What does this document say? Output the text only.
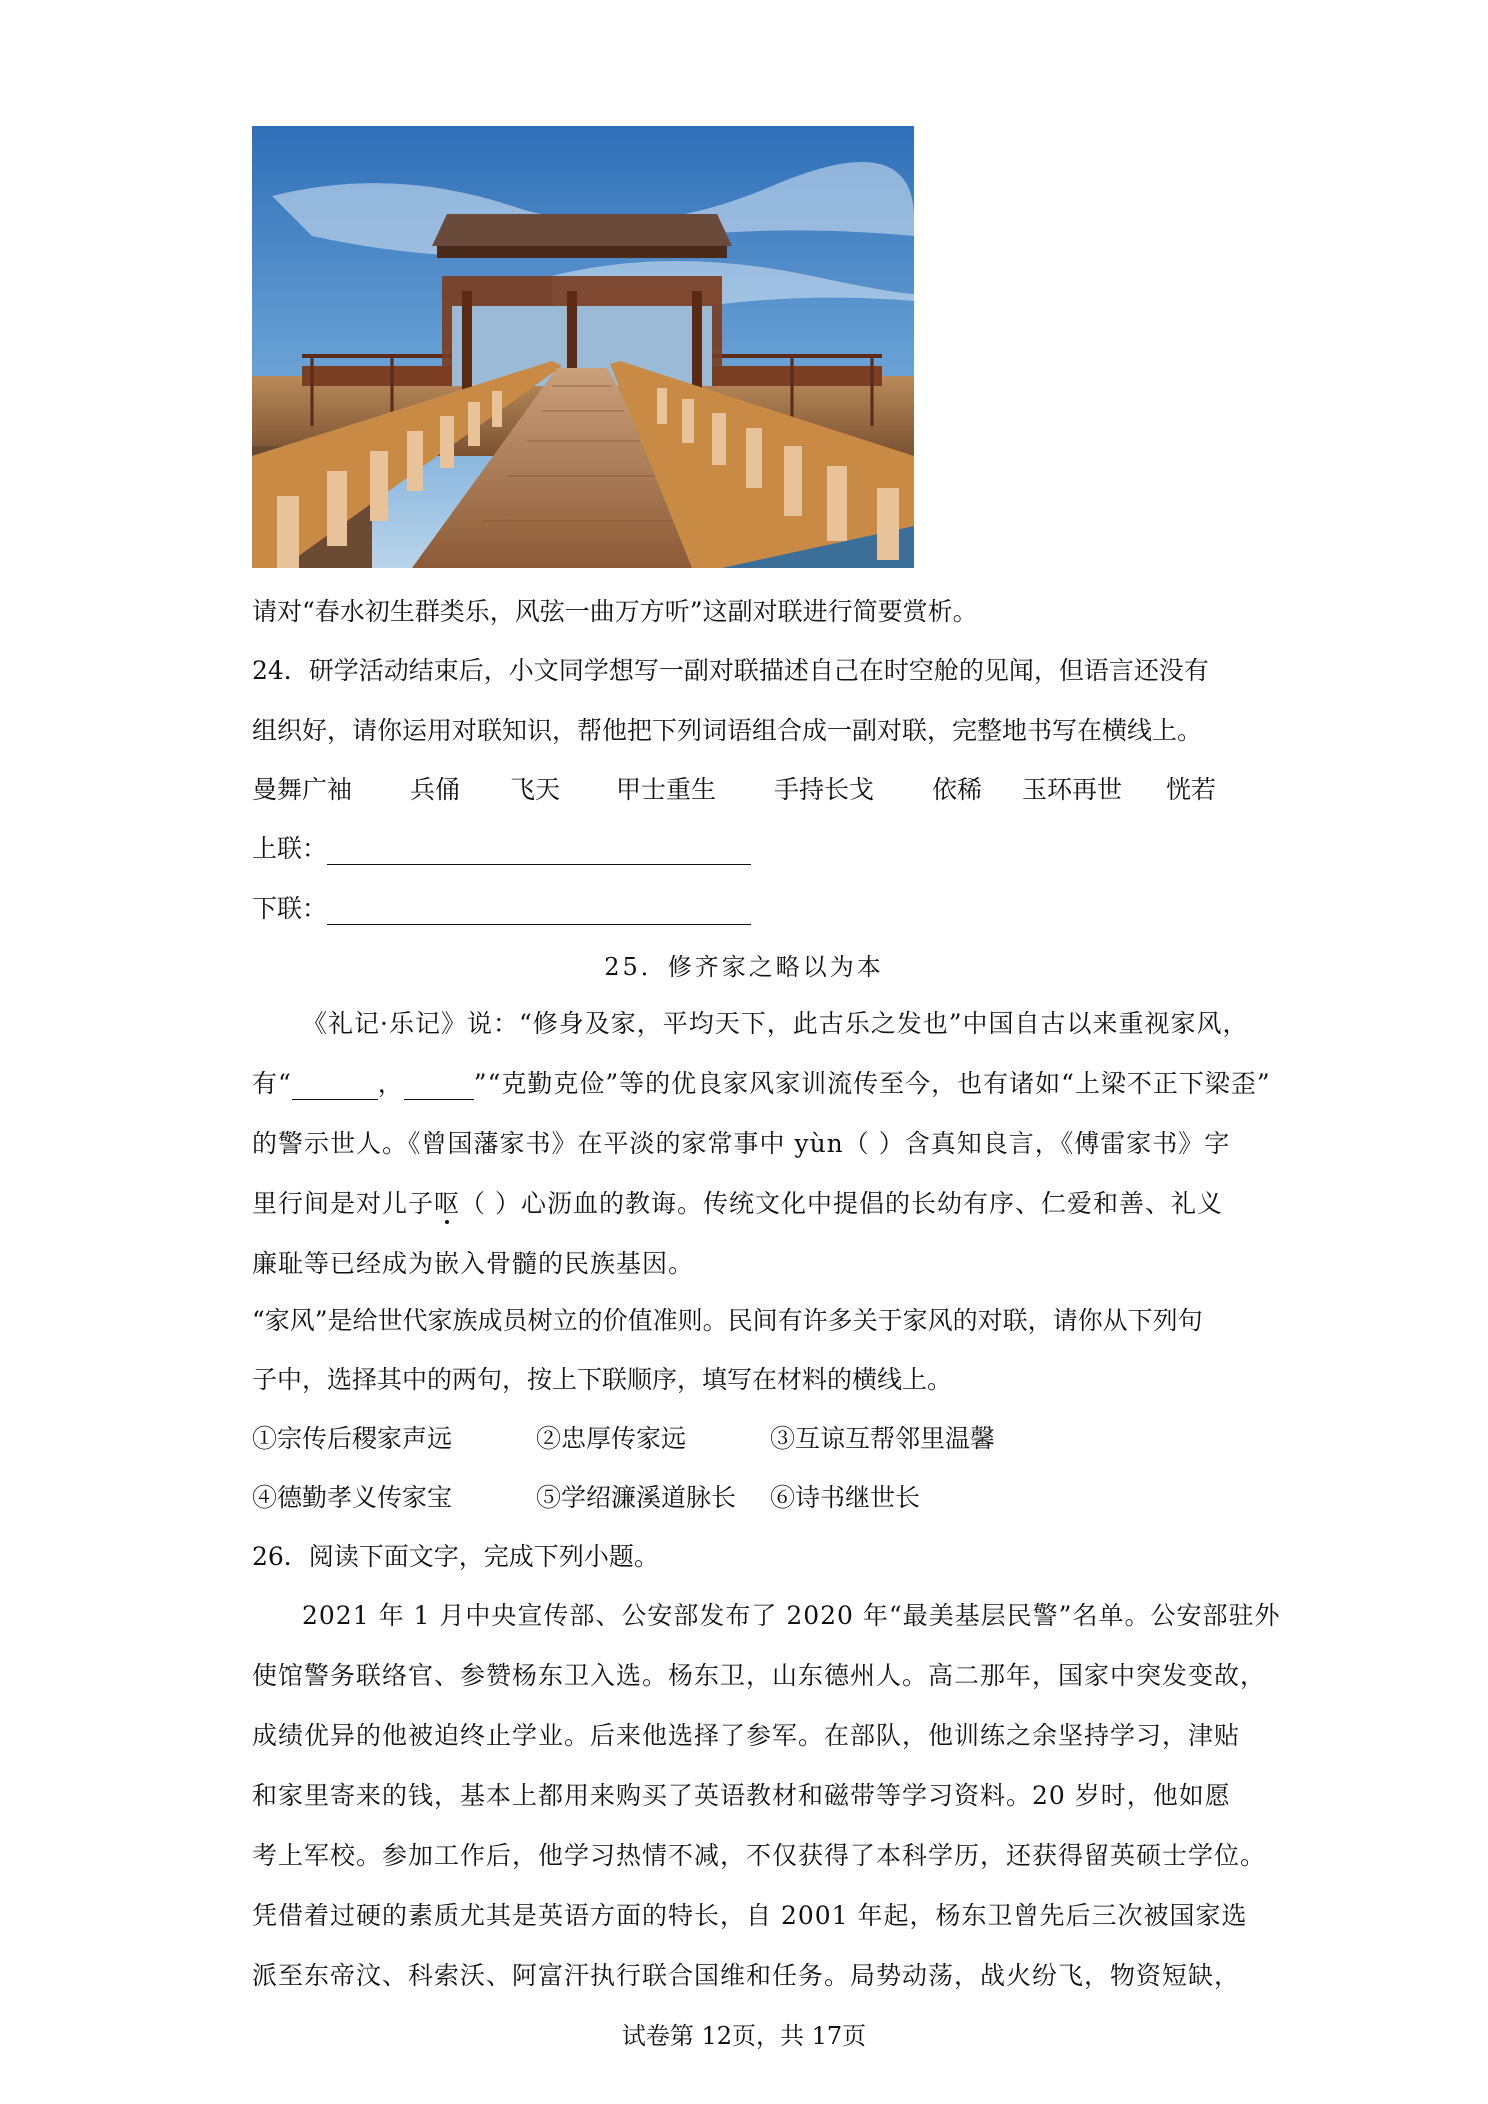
请对“春水初生群类乐，风弦一曲万方听”这副对联进行简要赏析。
24．研学活动结束后，小文同学想写一副对联描述自己在时空舱的见闻，但语言还没有
组织好，请你运用对联知识，帮他把下列词语组合成一副对联，完整地书写在横线上。
曼舞广袖 兵俑 飞天 甲士重生 手持长戈 依稀 玉环再世 恍若
上联：
下联：
25．修齐家之略以为本
《礼记·乐记》说：“修身及家，平均天下，此古乐之发也”中国自古以来重视家风，
有“	，	”“克勤克俭”等的优良家风家训流传至今，也有诸如“上梁不正下梁歪”
的警示世人。《曾国藩家书》在平淡的家常事中 yùn（ ）含真知良言，《傅雷家书》字
里行间是对儿子呕（ ）心沥血的教诲。传统文化中提倡的长幼有序、仁爱和善、礼义
廉耻等已经成为嵌入骨髓的民族基因。
“家风”是给世代家族成员树立的价值准则。民间有许多关于家风的对联，请你从下列句
子中，选择其中的两句，按上下联顺序，填写在材料的横线上。
①宗传后稷家声远	②忠厚传家远	③互谅互帮邻里温馨
④德勤孝义传家宝	⑤学绍濂溪道脉长 ⑥诗书继世长
26．阅读下面文字，完成下列小题。
2021 年 1 月中央宣传部、公安部发布了 2020 年“最美基层民警”名单。公安部驻外
使馆警务联络官、参赞杨东卫入选。杨东卫，山东德州人。高二那年，国家中突发变故，
成绩优异的他被迫终止学业。后来他选择了参军。在部队，他训练之余坚持学习，津贴
和家里寄来的钱，基本上都用来购买了英语教材和磁带等学习资料。20 岁时，他如愿
考上军校。参加工作后，他学习热情不减，不仅获得了本科学历，还获得留英硕士学位。
凭借着过硬的素质尤其是英语方面的特长，自 2001 年起，杨东卫曾先后三次被国家选
派至东帝汶、科索沃、阿富汗执行联合国维和任务。局势动荡，战火纷飞，物资短缺，
试卷第 12页，共 17页
